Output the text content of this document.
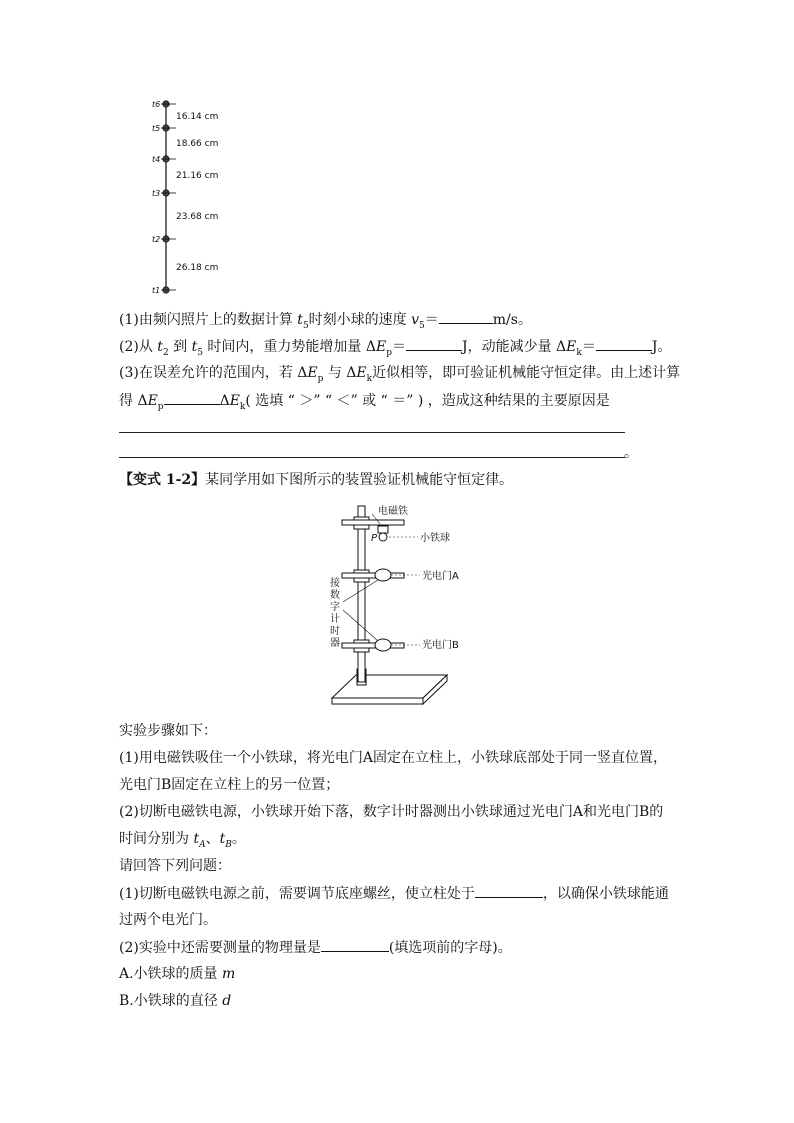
t6
t5
t4
t3
t2
t1
16.14 cm
18.66 cm
21.16 cm
23.68 cm
26.18 cm
(1)由频闪照片上的数据计算 $t_5$时刻小球的速度 $v_5=$	m/s。
(2)从 $t_2$ 到 $t_5$ 时间内，重力势能增加量 $\Delta E_p=$	J，动能减少量 $\Delta E_k=$	J。
(3)在误差允许的范围内，若 $\Delta E_p$ 与 $\Delta E_k$近似相等，即可验证机械能守恒定律。由上述计算
得 $\Delta E_p$	$\Delta E_k$( 选填 “ ＞” “ ＜” 或 “ ＝” ) ，造成这种结果的主要原因是
。
【变式 1-2】某同学用如下图所示的装置验证机械能守恒定律。
电磁铁
P	小铁球
光电门A
光电门B
接
数
字
计
时
器
实验步骤如下：
(1)用电磁铁吸住一个小铁球，将光电门A固定在立柱上，小铁球底部处于同一竖直位置，
光电门B固定在立柱上的另一位置；
(2)切断电磁铁电源，小铁球开始下落，数字计时器测出小铁球通过光电门A和光电门B的
时间分别为 $t_A$、$t_B$。
请回答下列问题：
(1)切断电磁铁电源之前，需要调节底座螺丝，使立柱处于	，以确保小铁球能通
过两个电光门。
(2)实验中还需要测量的物理量是	(填选项前的字母)。
A.小铁球的质量 m
B.小铁球的直径 d
